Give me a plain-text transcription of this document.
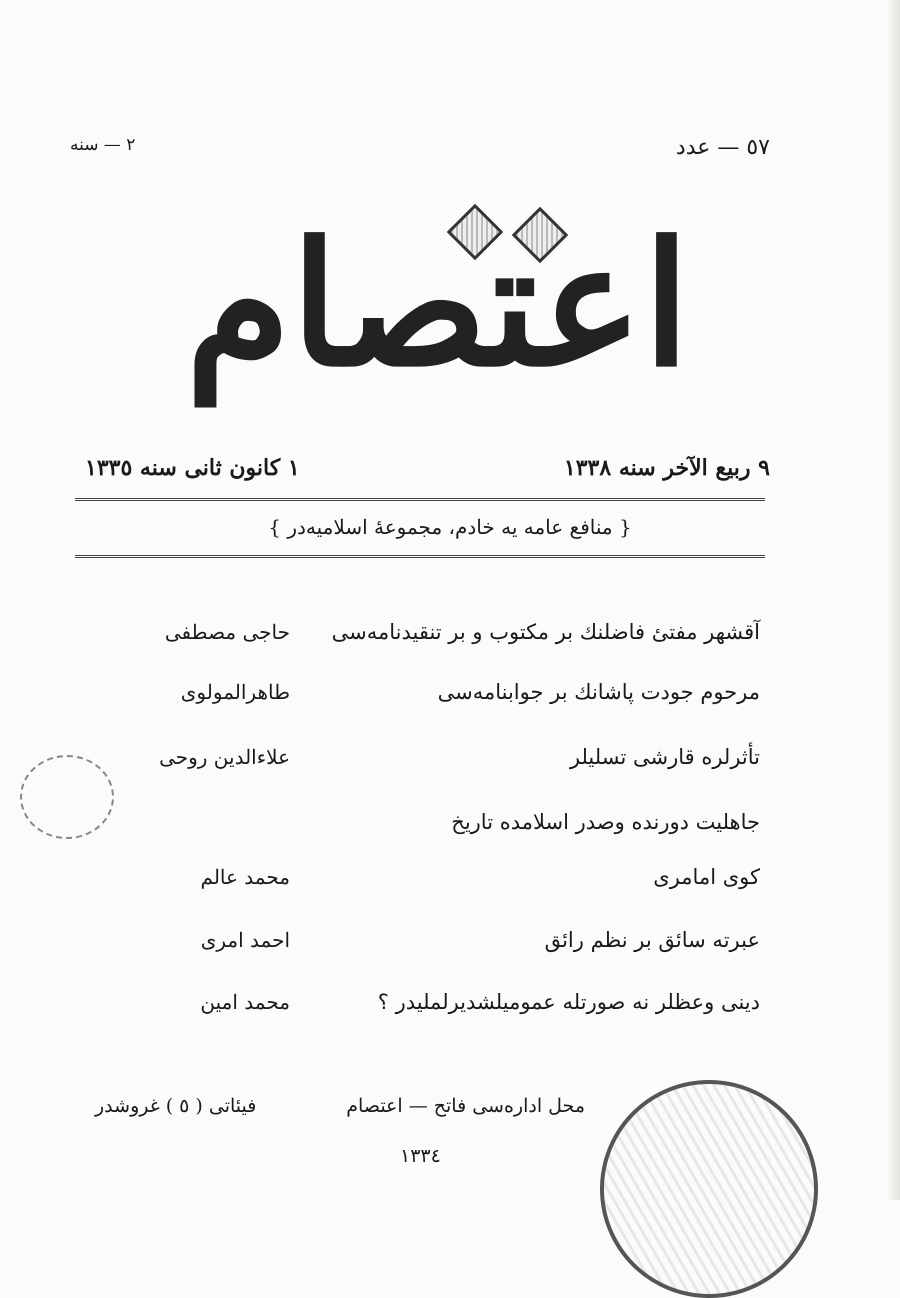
٥٧ — عدد
٢ — سنه
اعتصام
٩ ربیع الآخر سنه ١٣٣٨
١ كانون ثانی سنه ١٣٣٥
{ منافع عامه یه خادم، مجموعهٔ اسلامیه‌در }
آقشهر مفتئ فاضلنك بر مكتوب و بر تنقیدنامه‌سی
حاجی مصطفی
مرحوم جودت پاشانك بر جوابنامه‌سی
طاهرالمولوی
تأثرلره قارشی تسلیلر
علاءالدین روحی
جاهلیت دورنده وصدر اسلامده تاریخ
كوی امامری
محمد عالم
عبرته سائق بر نظم رائق
احمد امری
دینی وعظلر نه صورتله عمومیلشدیرلملیدر ؟
محمد امین
محل اداره‌سی فاتح — اعتصام
فیئاتی ( ٥ ) غروشدر
١٣٣٤
